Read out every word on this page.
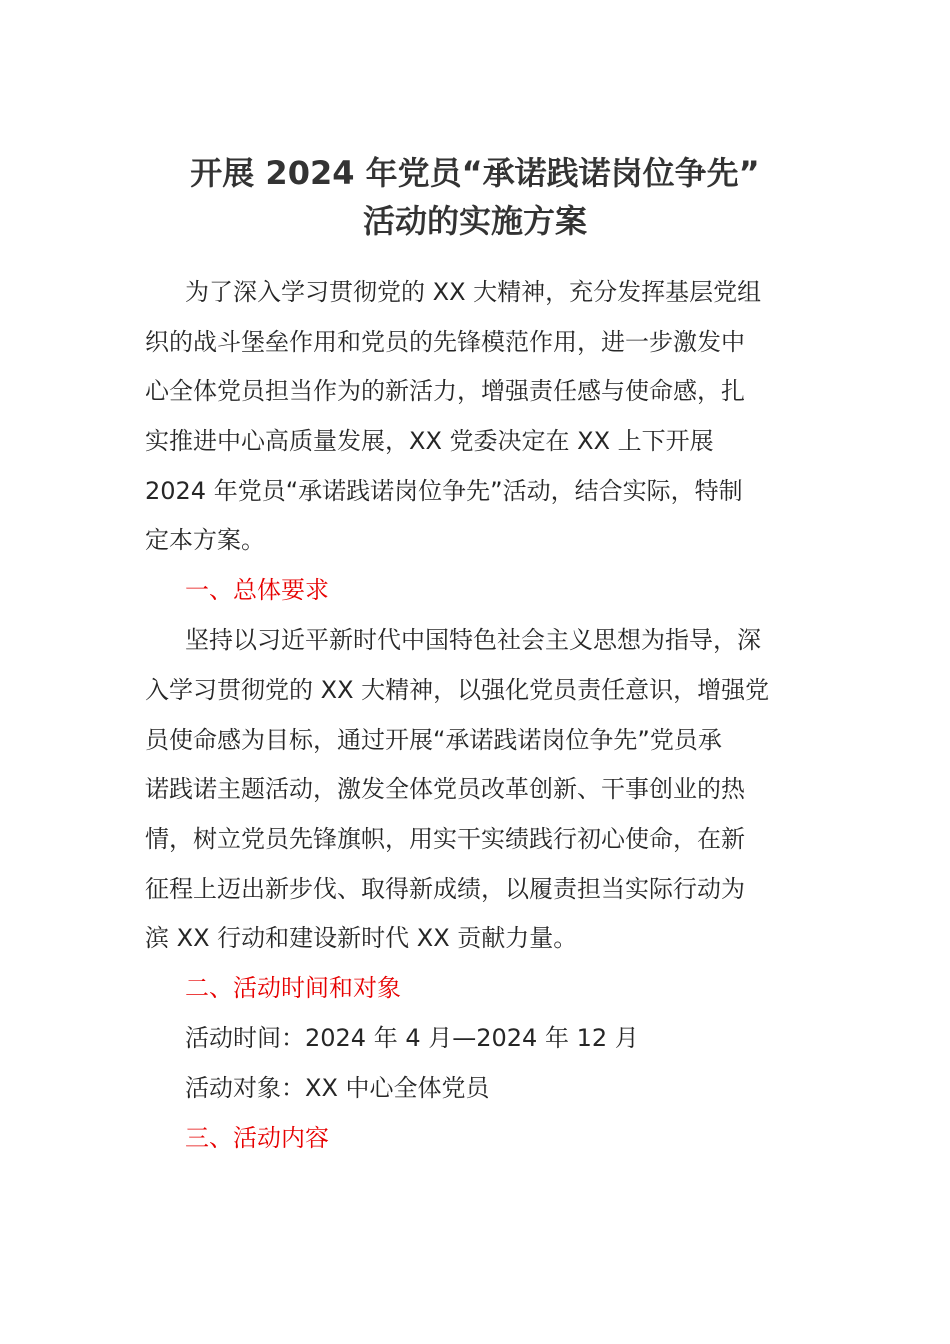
开展 2024 年党员“承诺践诺岗位争先”
活动的实施方案
为了深入学习贯彻党的 XX 大精神，充分发挥基层党组
织的战斗堡垒作用和党员的先锋模范作用，进一步激发中
心全体党员担当作为的新活力，增强责任感与使命感，扎
实推进中心高质量发展，XX 党委决定在 XX 上下开展
2024 年党员“承诺践诺岗位争先”活动，结合实际，特制
定本方案。
一、总体要求
坚持以习近平新时代中国特色社会主义思想为指导，深
入学习贯彻党的 XX 大精神，以强化党员责任意识，增强党
员使命感为目标，通过开展“承诺践诺岗位争先”党员承
诺践诺主题活动，激发全体党员改革创新、干事创业的热
情，树立党员先锋旗帜，用实干实绩践行初心使命，在新
征程上迈出新步伐、取得新成绩，以履责担当实际行动为
滨 XX 行动和建设新时代 XX 贡献力量。
二、活动时间和对象
活动时间：2024 年 4 月—2024 年 12 月
活动对象：XX 中心全体党员
三、活动内容
